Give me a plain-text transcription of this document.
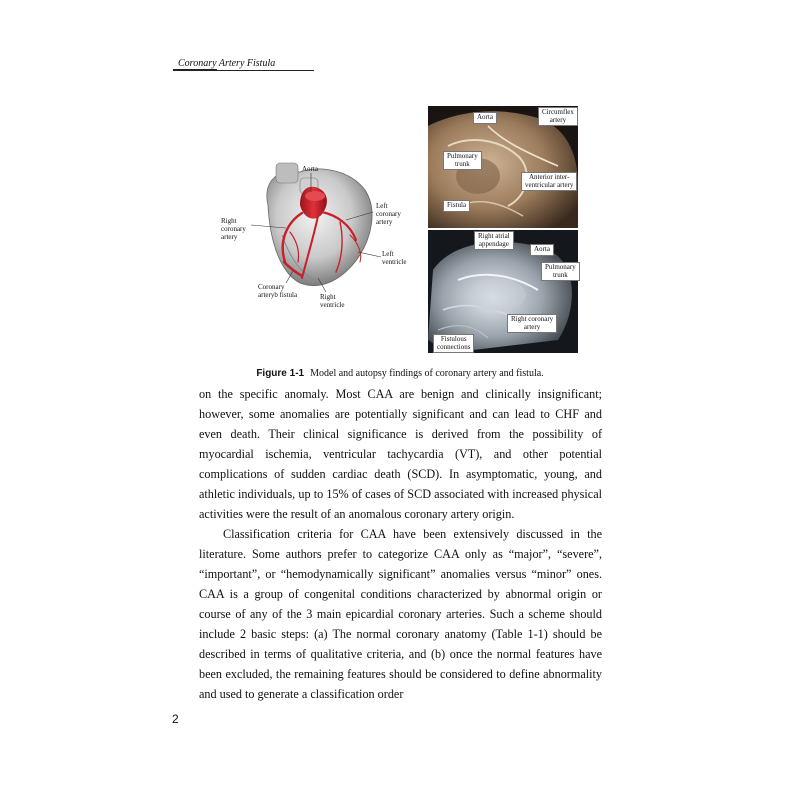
Coronary Artery Fistula
Aorta
Right
coronary
artery
Left
coronary
artery
Left
ventricle
Coronary
arteryb fistula	Right
ventricle
Aorta
Circumflex
artery
Pulmonary
trunk
Anterior inter-
ventricular artery
Fistula
Right atrial
appendage
Aorta
Pulmonary
trunk
Right coronary
artery
Fistulous
connections
Figure 1-1 Model and autopsy findings of coronary artery and fistula.

on the specific anomaly. Most CAA are benign and clinically insignificant; however, some anomalies are potentially significant and can lead to CHF and even death. Their clinical significance is derived from the possibility of myocardial ischemia, ventricular tachycardia (VT), and other potential complications of sudden cardiac death (SCD). In asymptomatic, young, and athletic individuals, up to 15% of cases of SCD associated with increased physical activities were the result of an anomalous coronary artery origin.

Classification criteria for CAA have been extensively discussed in the literature. Some authors prefer to categorize CAA only as “major”, “severe”, “important”, or “hemodynamically significant” anomalies versus “minor” ones. CAA is a group of congenital conditions characterized by abnormal origin or course of any of the 3 main epicardial coronary arteries. Such a scheme should include 2 basic steps: (a) The normal coronary anatomy (Table 1-1) should be described in terms of qualitative criteria, and (b) once the normal features have been excluded, the remaining features should be considered to define abnormality and used to generate a classification order

2
